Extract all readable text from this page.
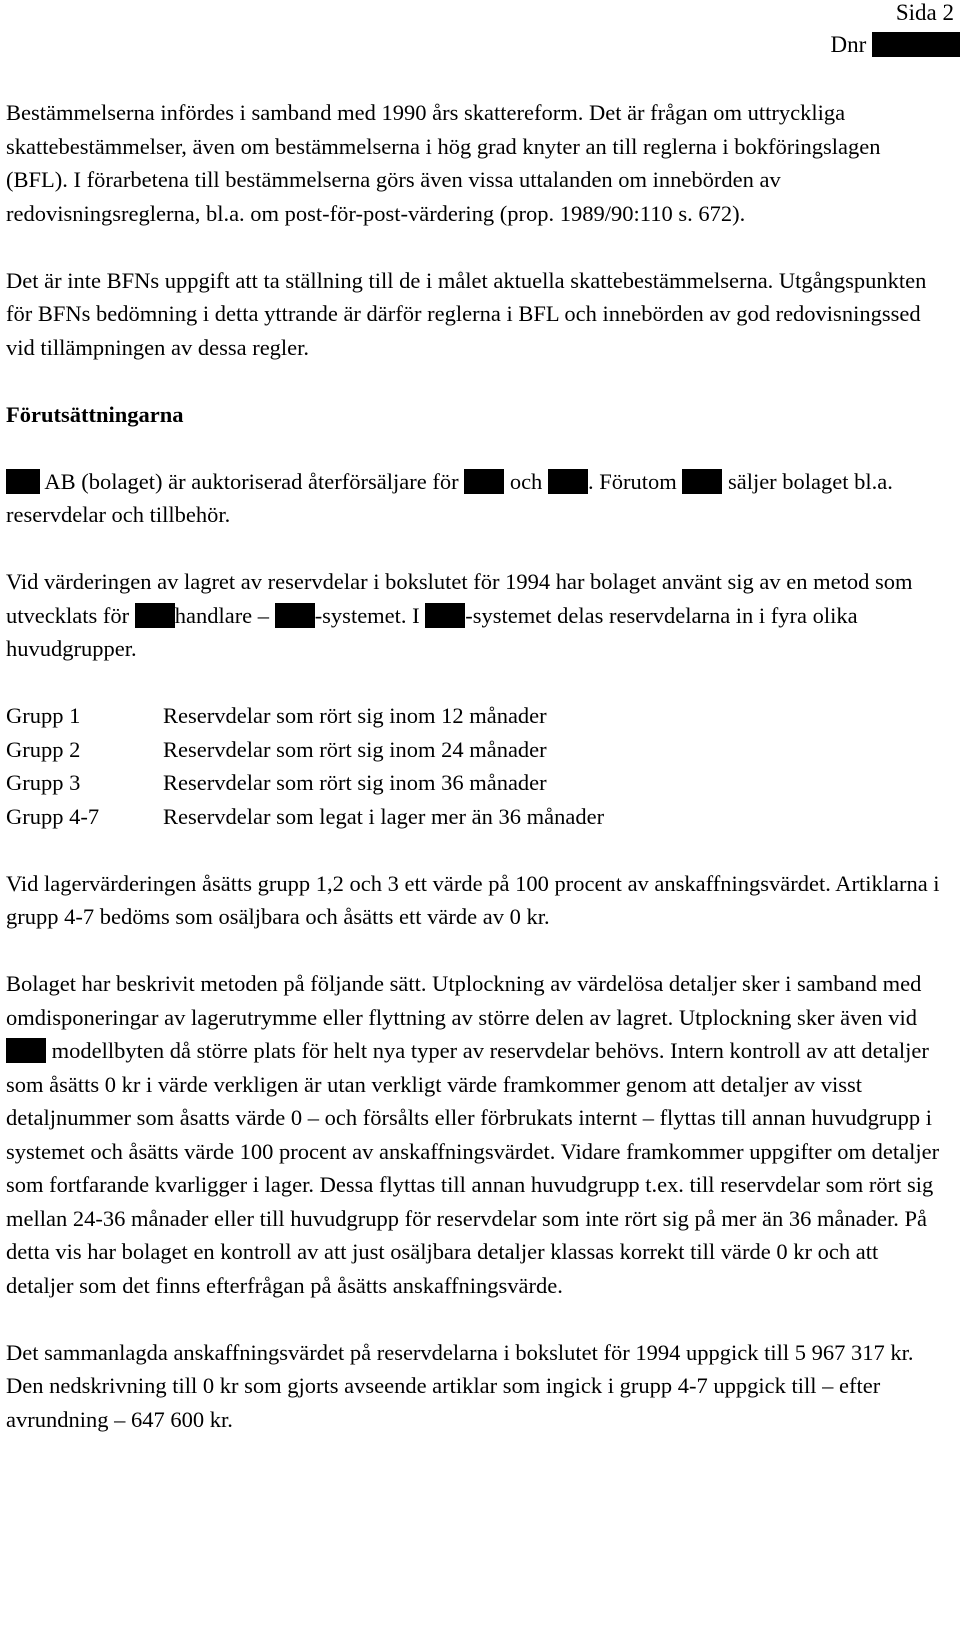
Sida 2

Dnr

Bestämmelserna infördes i samband med 1990 års skattereform. Det är frågan om uttryckliga skattebestämmelser, även om bestämmelserna i hög grad knyter an till reglerna i bokföringslagen (BFL). I förarbetena till bestämmelserna görs även vissa uttalanden om innebörden av redovisningsreglerna, bl.a. om post-för-post-värdering (prop. 1989/90:110 s. 672).

Det är inte BFNs uppgift att ta ställning till de i målet aktuella skattebestämmelserna. Utgångspunkten för BFNs bedömning i detta yttrande är därför reglerna i BFL och innebörden av god redovisningssed vid tillämpningen av dessa regler.

Förutsättningarna

AB (bolaget) är auktoriserad återförsäljare för  och . Förutom  säljer bolaget bl.a. reservdelar och tillbehör.

Vid värderingen av lagret av reservdelar i bokslutet för 1994 har bolaget använt sig av en metod som utvecklats för handlare – -systemet. I -systemet delas reservdelarna in i fyra olika huvudgrupper.

Grupp 1	Reservdelar som rört sig inom 12 månader
Grupp 2	Reservdelar som rört sig inom 24 månader
Grupp 3	Reservdelar som rört sig inom 36 månader
Grupp 4-7	Reservdelar som legat i lager mer än 36 månader

Vid lagervärderingen åsätts grupp 1,2 och 3 ett värde på 100 procent av anskaffningsvärdet. Artiklarna i grupp 4-7 bedöms som osäljbara och åsätts ett värde av 0 kr.

Bolaget har beskrivit metoden på följande sätt. Utplockning av värdelösa detaljer sker i samband med omdisponeringar av lagerutrymme eller flyttning av större delen av lagret. Utplockning sker även vid  modellbyten då större plats för helt nya typer av reservdelar behövs. Intern kontroll av att detaljer som åsätts 0 kr i värde verkligen är utan verkligt värde framkommer genom att detaljer av visst detaljnummer som åsatts värde 0 – och försålts eller förbrukats internt – flyttas till annan huvudgrupp i systemet och åsätts värde 100 procent av anskaffningsvärdet. Vidare framkommer uppgifter om detaljer som fortfarande kvarligger i lager. Dessa flyttas till annan huvudgrupp t.ex. till reservdelar som rört sig mellan 24-36 månader eller till huvudgrupp för reservdelar som inte rört sig på mer än 36 månader. På detta vis har bolaget en kontroll av att just osäljbara detaljer klassas korrekt till värde 0 kr och att detaljer som det finns efterfrågan på åsätts anskaffningsvärde.

Det sammanlagda anskaffningsvärdet på reservdelarna i bokslutet för 1994 uppgick till 5 967 317 kr. Den nedskrivning till 0 kr som gjorts avseende artiklar som ingick i grupp 4-7 uppgick till – efter avrundning – 647 600 kr.
